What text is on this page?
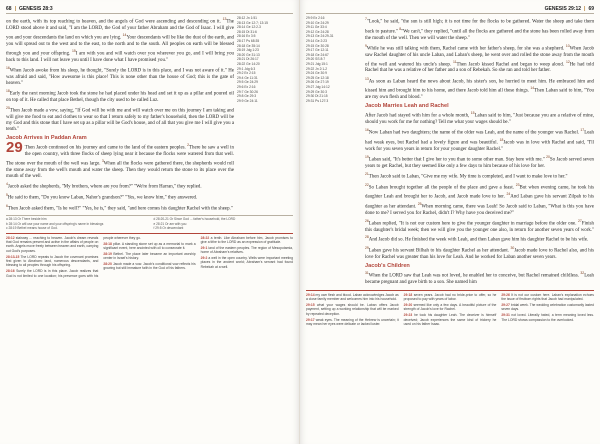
68 | GENESIS 28:3

on the earth, with its top reaching to heaven, and the angels of God were ascending and descending on it. $^{13}$The LORD stood above it and said, "I am the LORD, the God of your father Abraham and the God of Isaac. I will give you and your descendants the land on which you are lying. $^{14}$Your descendants will be like the dust of the earth, and you will spread out to the west and to the east, to the north and to the south. All peoples on earth will be blessed through you and your offspring. $^{15}$I am with you and will watch over you wherever you go, and I will bring you back to this land. I will not leave you until I have done what I have promised you."

$^{16}$When Jacob awoke from his sleep, he thought, "Surely the LORD is in this place, and I was not aware of it." He was afraid and said, "How awesome is this place! This is none other than the house of God; this is the gate of heaven."

$^{18}$Early the next morning Jacob took the stone he had placed under his head and set it up as a pillar and poured oil on top of it. He called that place Bethel, though the city used to be called Luz.

$^{20}$Then Jacob made a vow, saying, "If God will be with me and will watch over me on this journey I am taking and will give me food to eat and clothes to wear so that I return safely to my father's household, then the LORD will be my God and this stone that I have set up as a pillar will be God's house, and of all that you give me I will give you a tenth."

Jacob Arrives in Paddan Aram

29 Then Jacob continued on his journey and came to the land of the eastern peoples. $^2$There he saw a well in the open country, with three flocks of sheep lying near it because the flocks were watered from that well. The stone over the mouth of the well was large. $^3$When all the flocks were gathered there, the shepherds would roll the stone away from the well's mouth and water the sheep. Then they would return the stone to its place over the mouth of the well.

$^4$Jacob asked the shepherds, "My brothers, where are you from?" "We're from Harran," they replied.

$^5$He said to them, "Do you know Laban, Nahor's grandson?" "Yes, we know him," they answered.

$^6$Then Jacob asked them, "Is he well?" "Yes, he is," they said, "and here comes his daughter Rachel with the sheep."

28:12 Jn 1:51
28:13 Ge 12:7; 13:15
28:14 Ge 12:2-3
28:15 Dt 31:6
28:16 Ex 3:5
28:17 Ps 68:35
28:18 Ge 35:14
28:19 Jdg 1:23
28:20 Ge 31:13
28:21 Dt 26:17
28:22 Ge 14:20
29:1 Jdg 6:3
29:2 Ex 2:15
29:4 Ge 11:31
29:5 Ge 24:29
29:6 Ex 2:16
29:7 Ge 30:26
29:8 Ge 29:3
29:9 Ge 24:11
a 28:13 Or There beside him
b 28:14 Or will use your name and your offspring's name in blessings
c 28:19 Bethel means house of God.
d 28:20-21 Or Since God ... father's household, the LORD
e 28:21 Or am with you
f 29:5 Or descendant
28:12 stairway ... reaching to heaven. Jacob's dream reveals that God remains present and active in the affairs of people on earth. Angels move freely between heaven and earth, carrying out God's purposes.
28:13-15 The LORD repeats to Jacob the covenant promises first given to Abraham: land, numerous descendants, and blessing to all peoples through his offspring.
28:16 Surely the LORD is in this place. Jacob realizes that God is not limited to one location; his presence goes with his people wherever they go.
28:18 pillar. A standing stone set up as a memorial to mark a significant event, here anointed with oil to consecrate it.
28:19 Bethel. The place later became an important worship center in Israel's history.
28:20 Jacob made a vow. Jacob's conditional vow reflects his growing but still immature faith in the God of his fathers.
28:22 a tenth. Like Abraham before him, Jacob promises to give a tithe to the LORD as an expression of gratitude.
29:1 land of the eastern peoples. The region of Mesopotamia, home of Abraham's relatives.
29:2 a well in the open country. Wells were important meeting places in the ancient world; Abraham's servant had found Rebekah at a well.
GENESIS 29:12 | 69
29:9 Ex 2:16
29:10 Ge 24:29
29:11 Ge 33:4
29:12 Ge 24:28
29:13 Ge 24:29-31
29:14 Ge 2:23
29:15 Ge 30:28
29:17 Ge 12:11
29:18 Ge 24:67
29:20 SS 8:7
29:21 Jdg 15:1
29:22 Jn 2:1-2
29:24 Ge 30:9
29:25 Ge 12:18
29:26 Ge 27:19
29:27 Jdg 14:12
29:29 Ge 30:3
29:30 Dt 21:15
29:31 Ps 127:3

$^7$"Look," he said, "the sun is still high; it is not time for the flocks to be gathered. Water the sheep and take them back to pasture." $^8$"We can't," they replied, "until all the flocks are gathered and the stone has been rolled away from the mouth of the well. Then we will water the sheep."

$^9$While he was still talking with them, Rachel came with her father's sheep, for she was a shepherd. $^{10}$When Jacob saw Rachel daughter of his uncle Laban, and Laban's sheep, he went over and rolled the stone away from the mouth of the well and watered his uncle's sheep. $^{11}$Then Jacob kissed Rachel and began to weep aloud. $^{12}$He had told Rachel that he was a relative of her father and a son of Rebekah. So she ran and told her father.

$^{13}$As soon as Laban heard the news about Jacob, his sister's son, he hurried to meet him. He embraced him and kissed him and brought him to his home, and there Jacob told him all these things. $^{14}$Then Laban said to him, "You are my own flesh and blood."

Jacob Marries Leah and Rachel

After Jacob had stayed with him for a whole month, $^{15}$Laban said to him, "Just because you are a relative of mine, should you work for me for nothing? Tell me what your wages should be."

$^{16}$Now Laban had two daughters; the name of the older was Leah, and the name of the younger was Rachel. $^{17}$Leah had weak eyes, but Rachel had a lovely figure and was beautiful. $^{18}$Jacob was in love with Rachel and said, "I'll work for you seven years in return for your younger daughter Rachel."

$^{19}$Laban said, "It's better that I give her to you than to some other man. Stay here with me." $^{20}$So Jacob served seven years to get Rachel, but they seemed like only a few days to him because of his love for her.

$^{21}$Then Jacob said to Laban, "Give me my wife. My time is completed, and I want to make love to her."

$^{22}$So Laban brought together all the people of the place and gave a feast. $^{23}$But when evening came, he took his daughter Leah and brought her to Jacob, and Jacob made love to her. $^{24}$And Laban gave his servant Zilpah to his daughter as her attendant. $^{25}$When morning came, there was Leah! So Jacob said to Laban, "What is this you have done to me? I served you for Rachel, didn't I? Why have you deceived me?"

$^{26}$Laban replied, "It is not our custom here to give the younger daughter in marriage before the older one. $^{27}$Finish this daughter's bridal week; then we will give you the younger one also, in return for another seven years of work." $^{28}$And Jacob did so. He finished the week with Leah, and then Laban gave him his daughter Rachel to be his wife.

$^{29}$Laban gave his servant Bilhah to his daughter Rachel as her attendant. $^{30}$Jacob made love to Rachel also, and his love for Rachel was greater than his love for Leah. And he worked for Laban another seven years.

Jacob's Children

$^{31}$When the LORD saw that Leah was not loved, he enabled her to conceive, but Rachel remained childless. $^{32}$Leah became pregnant and gave birth to a son. She named him

29:14 my own flesh and blood. Laban acknowledges Jacob as a close family member and welcomes him into his household.
29:15 what your wages should be. Laban offers Jacob payment, setting up a working relationship that will be marked by repeated deception.
29:17 weak eyes. The meaning of the Hebrew is uncertain; it may mean her eyes were delicate or lacked luster.
29:18 seven years. Jacob had no bride-price to offer, so he proposed to pay with years of labor.
29:20 seemed like only a few days. A beautiful picture of the strength of Jacob's love for Rachel.
29:23 he took his daughter Leah. The deceiver is himself deceived; Jacob experiences the same kind of trickery he used on his father Isaac.
29:26 It is not our custom here. Laban's explanation echoes the issue of firstborn rights that Jacob had manipulated.
29:27 bridal week. The wedding celebration customarily lasted seven days.
29:31 not loved. Literally hated, a term meaning loved less. The LORD shows compassion to the overlooked.
